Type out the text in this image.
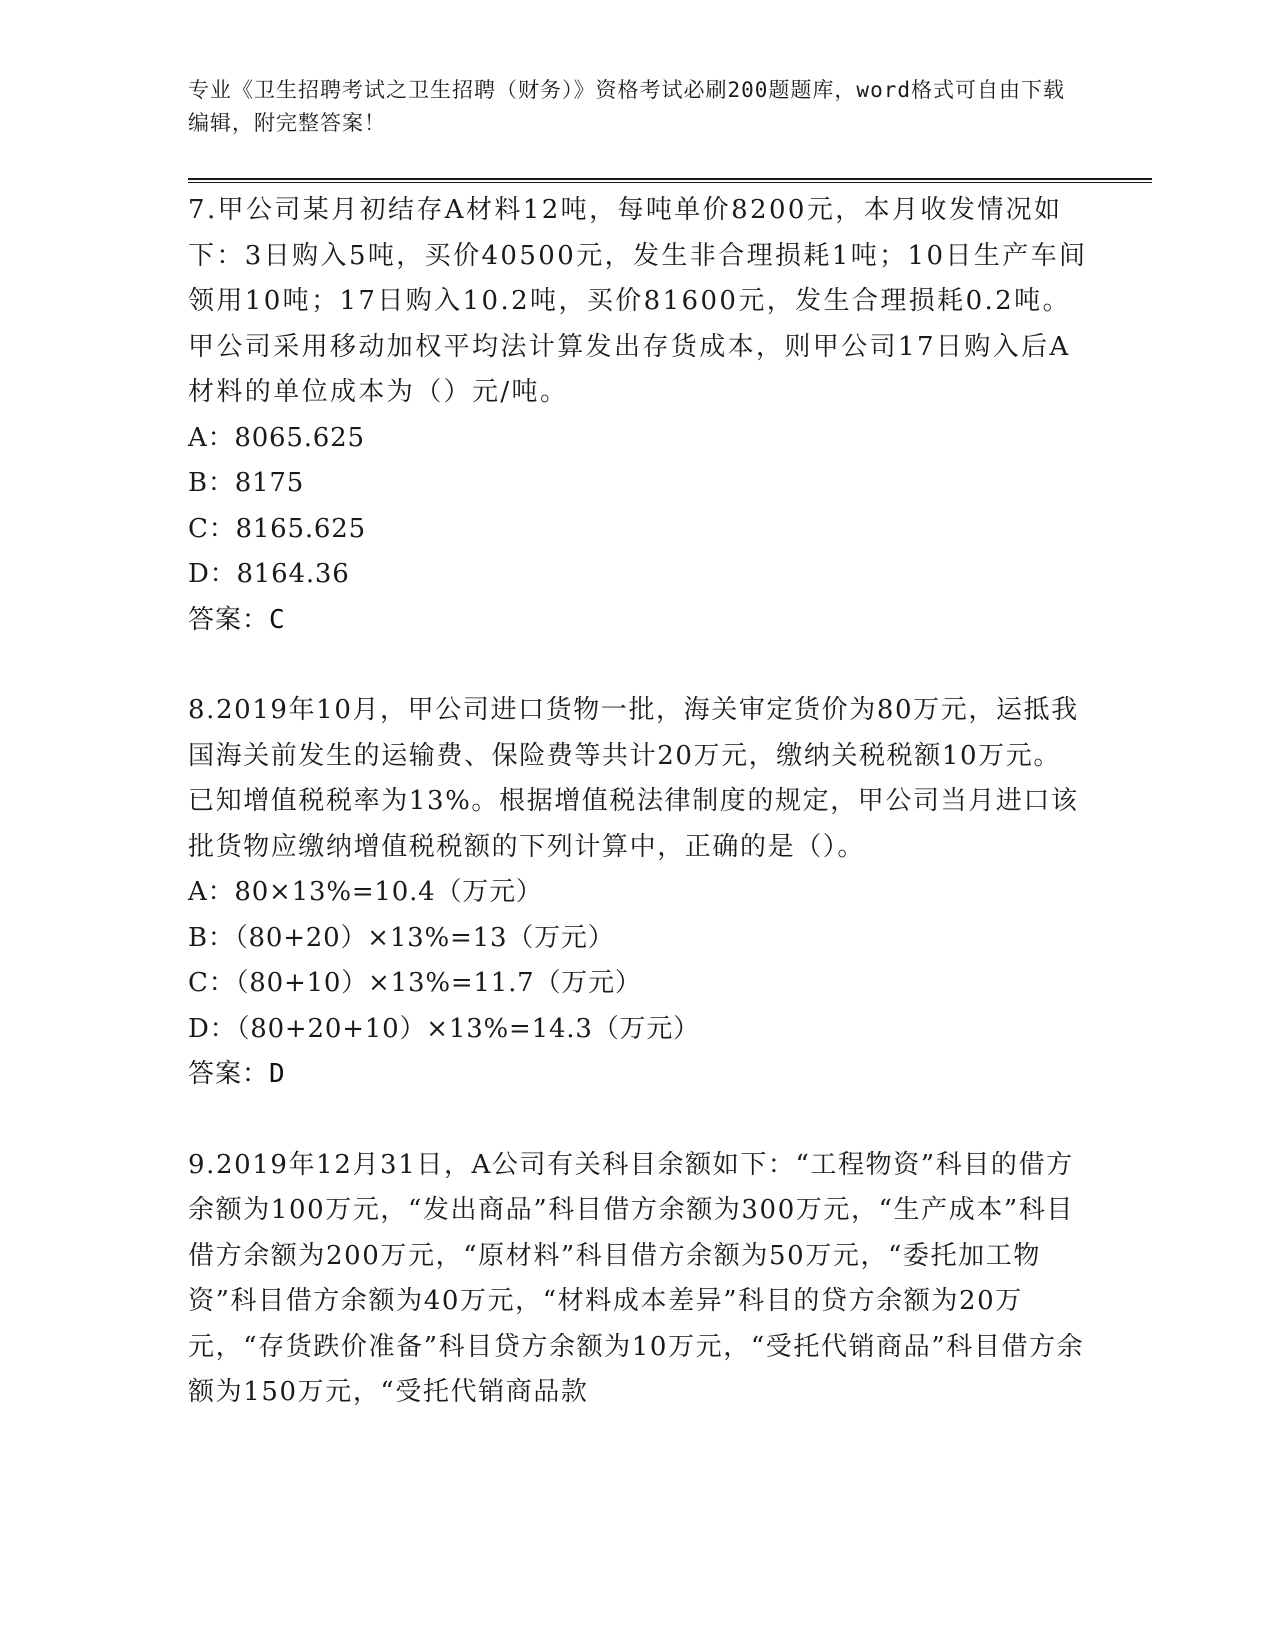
专业《卫生招聘考试之卫生招聘（财务）》资格考试必刷200题题库，word格式可自由下载编辑，附完整答案！

7.甲公司某月初结存A材料12吨，每吨单价8200元，本月收发情况如下：3日购入5吨，买价40500元，发生非合理损耗1吨；10日生产车间领用10吨；17日购入10.2吨，买价81600元，发生合理损耗0.2吨。甲公司采用移动加权平均法计算发出存货成本，则甲公司17日购入后A材料的单位成本为（）元/吨。

A：8065.625

B：8175

C：8165.625

D：8164.36

答案：C

8.2019年10月，甲公司进口货物一批，海关审定货价为80万元，运抵我国海关前发生的运输费、保险费等共计20万元，缴纳关税税额10万元。已知增值税税率为13%。根据增值税法律制度的规定，甲公司当月进口该批货物应缴纳增值税税额的下列计算中，正确的是（）。

A：80×13%=10.4（万元）

B：（80+20）×13%=13（万元）

C：（80+10）×13%=11.7（万元）

D：（80+20+10）×13%=14.3（万元）

答案：D

9.2019年12月31日，A公司有关科目余额如下：“工程物资”科目的借方余额为100万元，“发出商品”科目借方余额为300万元，“生产成本”科目借方余额为200万元，“原材料”科目借方余额为50万元，“委托加工物资”科目借方余额为40万元，“材料成本差异”科目的贷方余额为20万元，“存货跌价准备”科目贷方余额为10万元，“受托代销商品”科目借方余额为150万元，“受托代销商品款
